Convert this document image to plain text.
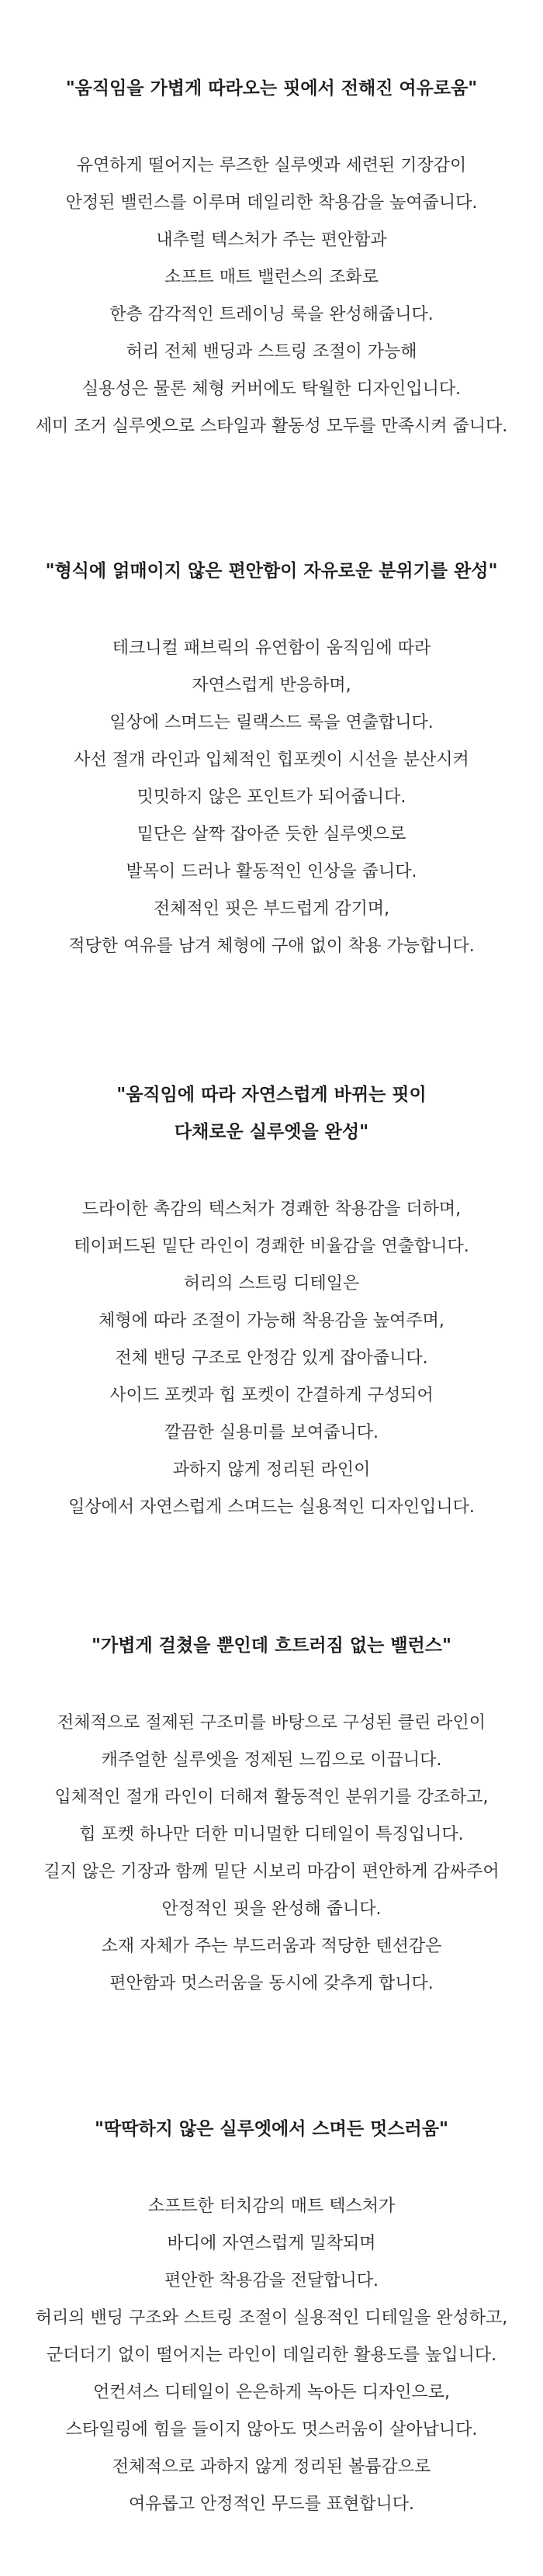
"움직임을 가볍게 따라오는 핏에서 전해진 여유로움"
유연하게 떨어지는 루즈한 실루엣과 세련된 기장감이
안정된 밸런스를 이루며 데일리한 착용감을 높여줍니다.
내추럴 텍스처가 주는 편안함과
소프트 매트 밸런스의 조화로
한층 감각적인 트레이닝 룩을 완성해줍니다.
허리 전체 밴딩과 스트링 조절이 가능해
실용성은 물론 체형 커버에도 탁월한 디자인입니다.
세미 조거 실루엣으로 스타일과 활동성 모두를 만족시켜 줍니다.
"형식에 얽매이지 않은 편안함이 자유로운 분위기를 완성"
테크니컬 패브릭의 유연함이 움직임에 따라
자연스럽게 반응하며,
일상에 스며드는 릴랙스드 룩을 연출합니다.
사선 절개 라인과 입체적인 힙포켓이 시선을 분산시켜
밋밋하지 않은 포인트가 되어줍니다.
밑단은 살짝 잡아준 듯한 실루엣으로
발목이 드러나 활동적인 인상을 줍니다.
전체적인 핏은 부드럽게 감기며,
적당한 여유를 남겨 체형에 구애 없이 착용 가능합니다.
"움직임에 따라 자연스럽게 바뀌는 핏이
다채로운 실루엣을 완성"
드라이한 촉감의 텍스처가 경쾌한 착용감을 더하며,
테이퍼드된 밑단 라인이 경쾌한 비율감을 연출합니다.
허리의 스트링 디테일은
체형에 따라 조절이 가능해 착용감을 높여주며,
전체 밴딩 구조로 안정감 있게 잡아줍니다.
사이드 포켓과 힙 포켓이 간결하게 구성되어
깔끔한 실용미를 보여줍니다.
과하지 않게 정리된 라인이
일상에서 자연스럽게 스며드는 실용적인 디자인입니다.
"가볍게 걸쳤을 뿐인데 흐트러짐 없는 밸런스"
전체적으로 절제된 구조미를 바탕으로 구성된 클린 라인이
캐주얼한 실루엣을 정제된 느낌으로 이끕니다.
입체적인 절개 라인이 더해져 활동적인 분위기를 강조하고,
힙 포켓 하나만 더한 미니멀한 디테일이 특징입니다.
길지 않은 기장과 함께 밑단 시보리 마감이 편안하게 감싸주어
안정적인 핏을 완성해 줍니다.
소재 자체가 주는 부드러움과 적당한 텐션감은
편안함과 멋스러움을 동시에 갖추게 합니다.
"딱딱하지 않은 실루엣에서 스며든 멋스러움"
소프트한 터치감의 매트 텍스처가
바디에 자연스럽게 밀착되며
편안한 착용감을 전달합니다.
허리의 밴딩 구조와 스트링 조절이 실용적인 디테일을 완성하고,
군더더기 없이 떨어지는 라인이 데일리한 활용도를 높입니다.
언컨셔스 디테일이 은은하게 녹아든 디자인으로,
스타일링에 힘을 들이지 않아도 멋스러움이 살아납니다.
전체적으로 과하지 않게 정리된 볼륨감으로
여유롭고 안정적인 무드를 표현합니다.
